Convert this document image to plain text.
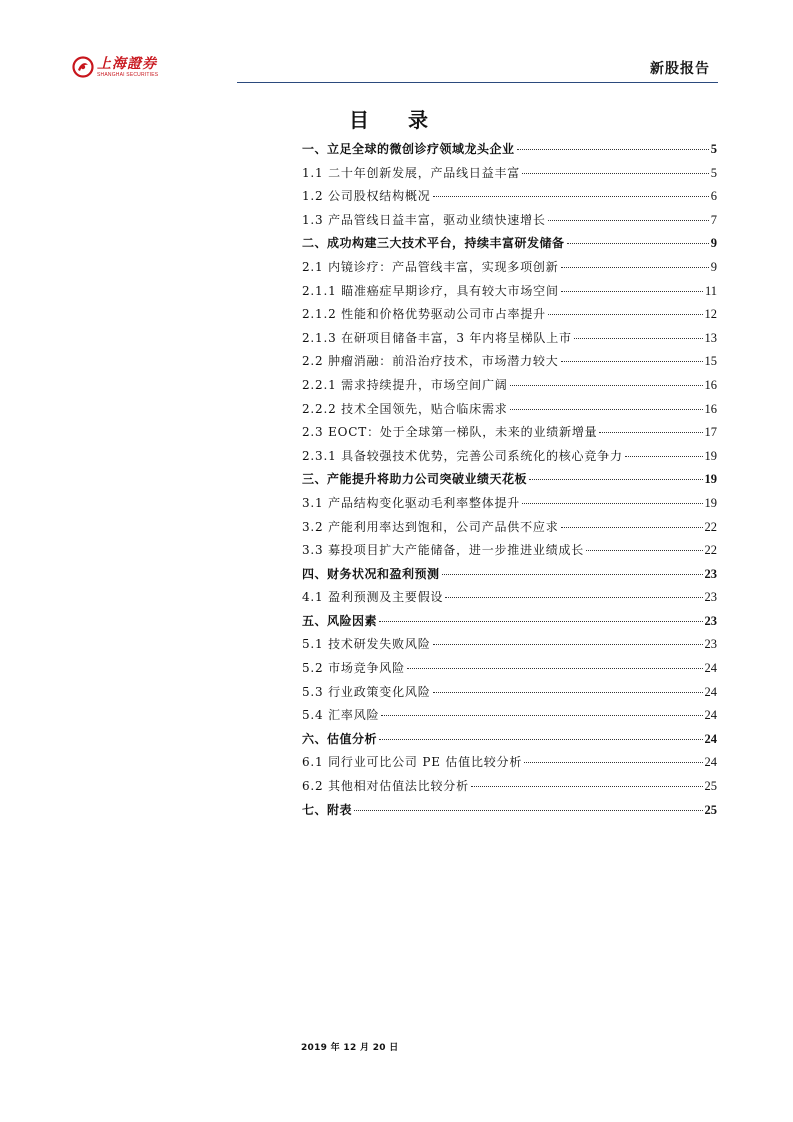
上海證券
SHANGHAI SECURITIES	新股报告
目 录
一、立足全球的微创诊疗领域龙头企业	5
1.1 二十年创新发展，产品线日益丰富	5
1.2 公司股权结构概况	6
1.3 产品管线日益丰富，驱动业绩快速增长	7
二、成功构建三大技术平台，持续丰富研发储备	9
2.1 内镜诊疗：产品管线丰富，实现多项创新	9
2.1.1 瞄准癌症早期诊疗，具有较大市场空间	11
2.1.2 性能和价格优势驱动公司市占率提升	12
2.1.3 在研项目储备丰富，3 年内将呈梯队上市	13
2.2 肿瘤消融：前沿治疗技术，市场潜力较大	15
2.2.1 需求持续提升，市场空间广阔	16
2.2.2 技术全国领先，贴合临床需求	16
2.3 EOCT：处于全球第一梯队，未来的业绩新增量	17
2.3.1 具备较强技术优势，完善公司系统化的核心竞争力	19
三、产能提升将助力公司突破业绩天花板	19
3.1 产品结构变化驱动毛利率整体提升	19
3.2 产能利用率达到饱和，公司产品供不应求	22
3.3 募投项目扩大产能储备，进一步推进业绩成长	22
四、财务状况和盈利预测	23
4.1 盈利预测及主要假设	23
五、风险因素	23
5.1 技术研发失败风险	23
5.2 市场竞争风险	24
5.3 行业政策变化风险	24
5.4 汇率风险	24
六、估值分析	24
6.1 同行业可比公司 PE 估值比较分析	24
6.2 其他相对估值法比较分析	25
七、附表	25
2019 年 12 月 20 日
